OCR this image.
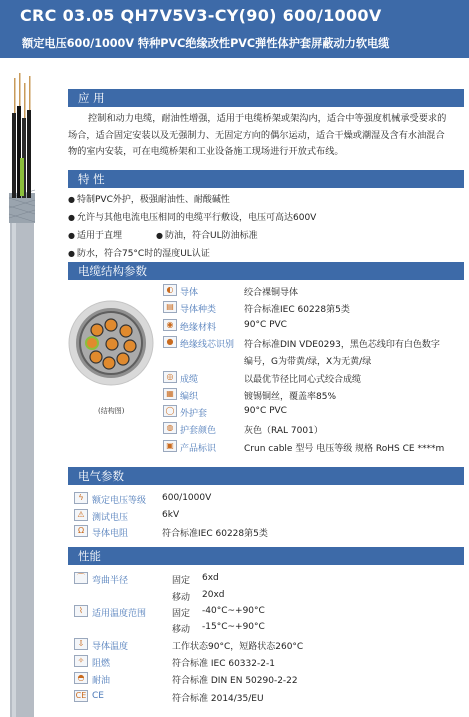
CRC 03.05 QH7V5V3-CY(90) 600/1000V
额定电压600/1000V 特种PVC绝缘改性PVC弹性体护套屏蔽动力软电缆
应 用
控制和动力电缆，耐油性增强，适用于电缆桥架或架沟内，适合中等强度机械承受要求的
场合，适合固定安装以及无强制力、无固定方向的偶尔运动，适合干燥或潮湿及含有水油混合
物的室内安装，可在电缆桥架和工业设备施工现场进行开放式布线。
特 性
● 特制PVC外护，极强耐油性、耐酸碱性
● 允许与其他电流电压相同的电缆平行敷设，电压可高达600V
● 适用于直埋
●	防油，符合UL防油标准
● 防水，符合75°C时的湿度UL认证
电缆结构参数
(结构图)
◐ 导体	绞合裸铜导体
▤ 导体种类	符合标准IEC 60228第5类
◉ 绝缘材料	90°C PVC
● 绝缘线芯识别 符合标准DIN VDE0293，黑色芯线印有白色数字
编号，G为带黄/绿，X为无黄/绿
◎ 成缆	以最优节径比同心式绞合成缆
▦ 编织	镀锡铜丝，覆盖率85%
◯ 外护套	90°C PVC
◍ 护套颜色	灰色（RAL 7001）
▣ 产品标识	Crun cable 型号 电压等级 规格 RoHS CE ****m
电气参数
ϟ 额定电压等级 600/1000V
⚠ 测试电压	6kV
Ω 导体电阻	符合标准IEC 60228第5类
性能
⌒ 弯曲半径	固定 6xd
移动 20xd
⌇	适用温度范围	固定 -40°C~+90°C
移动 -15°C~+90°C
⇩ 导体温度	工作状态90°C，短路状态260°C
✧ 阻燃	符合标准 IEC 60332-2-1
◓ 耐油	符合标准 DIN EN 50290-2-22
CE CE	符合标准 2014/35/EU
